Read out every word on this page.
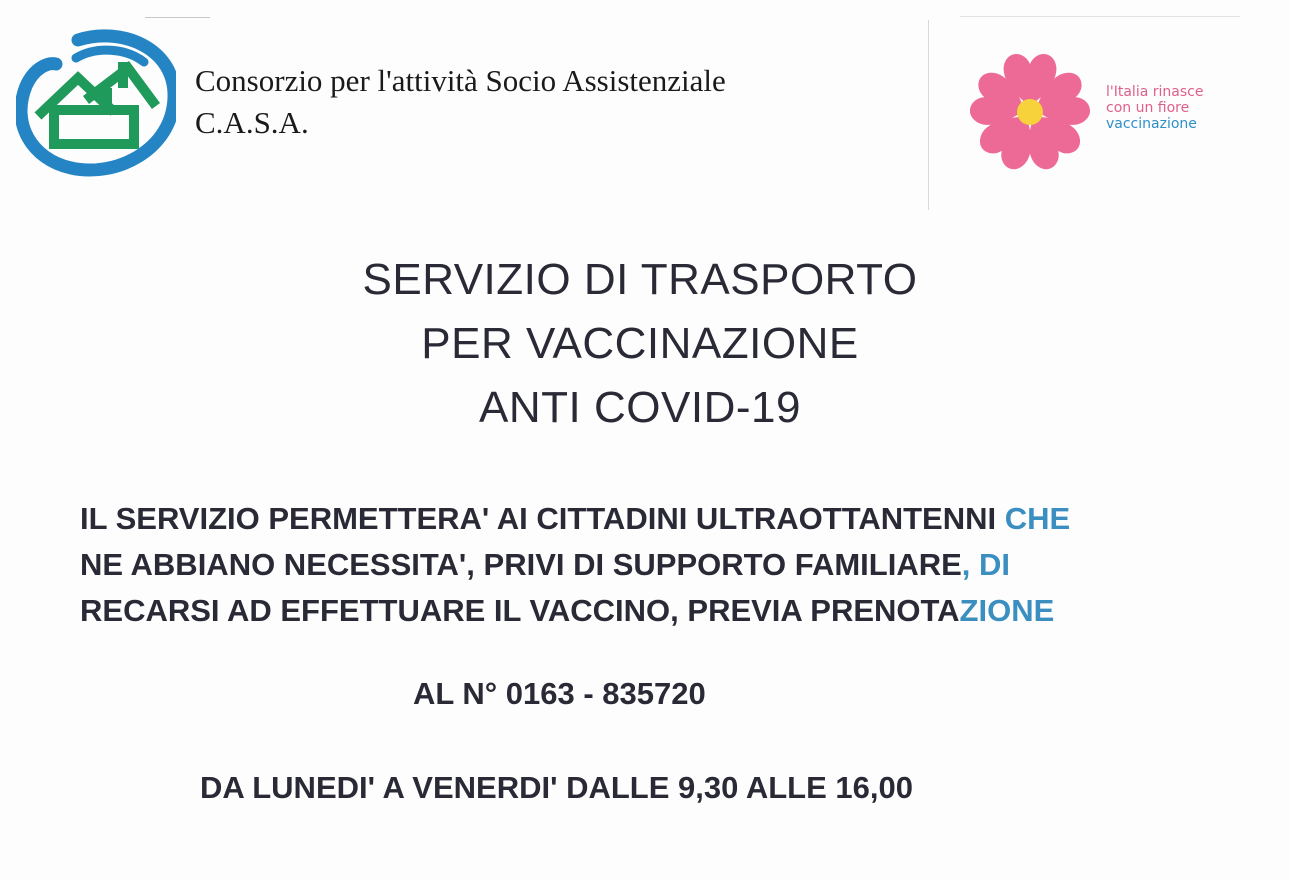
Consorzio per l'attività Socio Assistenziale
C.A.S.A.
l'Italia rinasce
con un fiore
vaccinazione
SERVIZIO DI TRASPORTO
PER VACCINAZIONE
ANTI COVID-19
IL SERVIZIO PERMETTERA' AI CITTADINI ULTRAOTTANTENNI CHE
NE ABBIANO NECESSITA', PRIVI DI SUPPORTO FAMILIARE, DI
RECARSI AD EFFETTUARE IL VACCINO, PREVIA PRENOTAZIONE
AL N° 0163 - 835720
DA LUNEDI' A VENERDI' DALLE 9,30 ALLE 16,00
